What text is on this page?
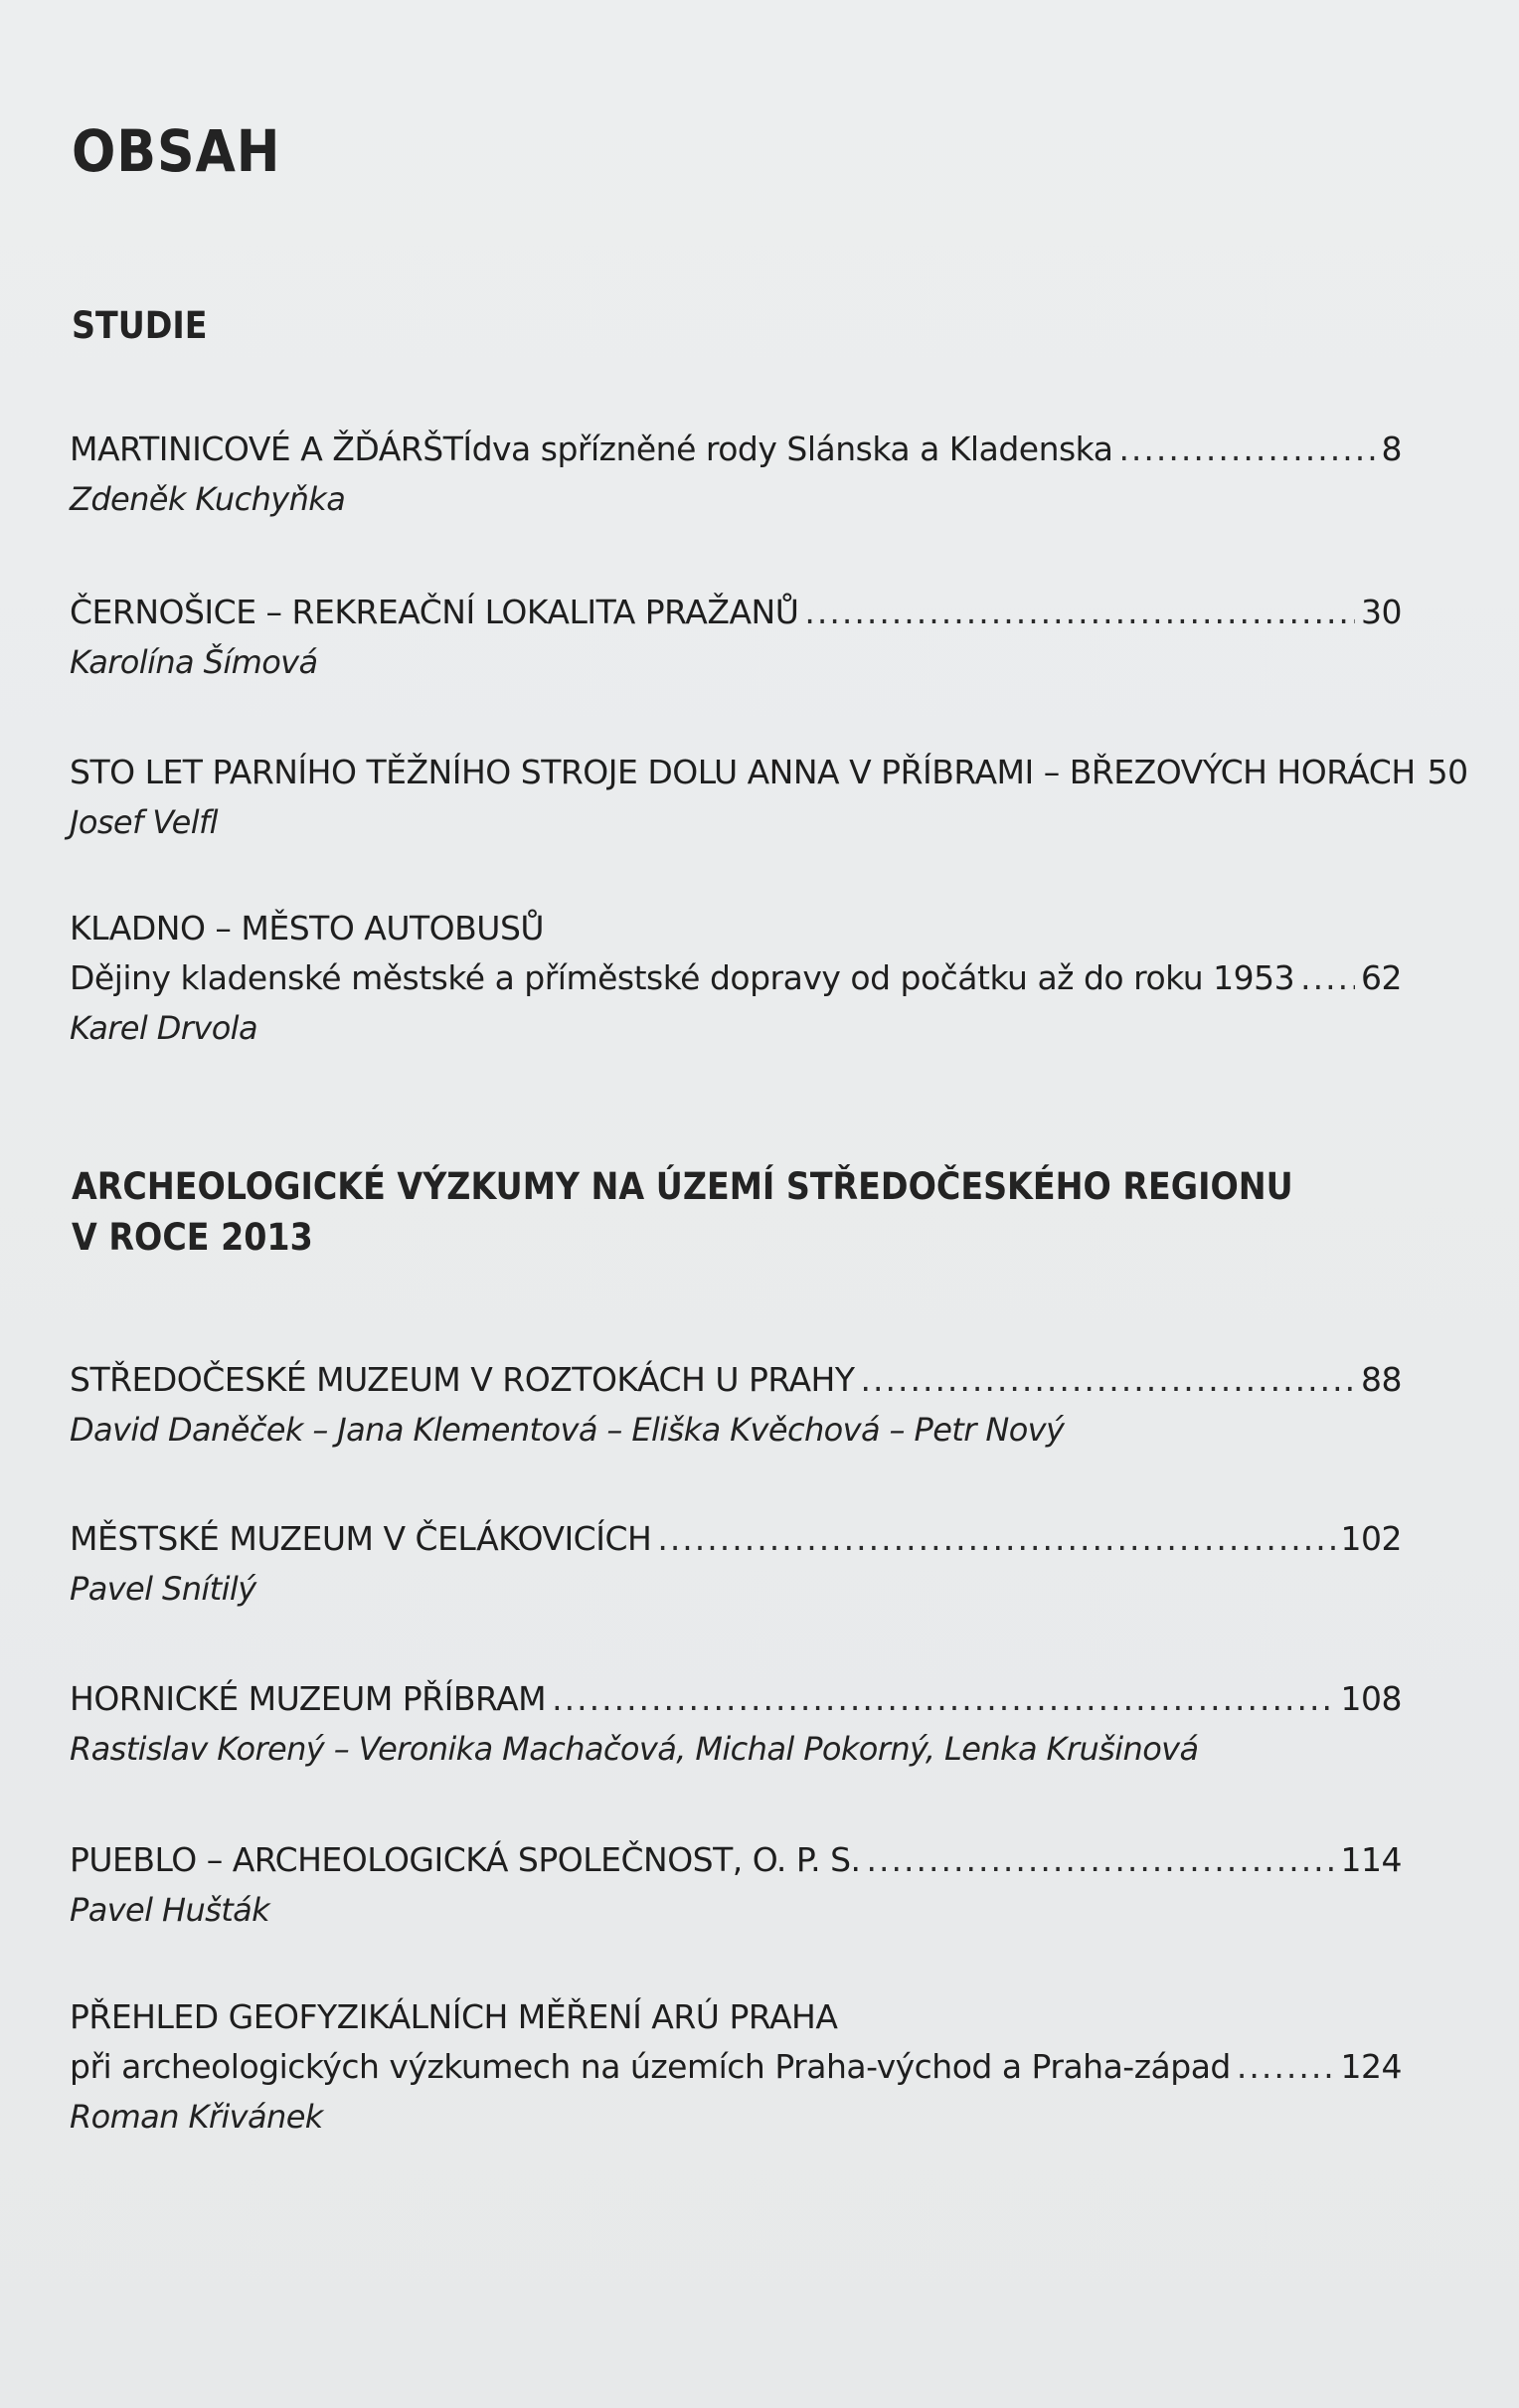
OBSAH
STUDIE
MARTINICOVÉ A ŽĎÁRŠTÍ dva spřízněné rody Slánska a Kladenska .....	8
Zdeněk Kuchyňka
ČERNOŠICE – REKREAČNÍ LOKALITA PRAŽANŮ .....	30
Karolína Šímová
STO LET PARNÍHO TĚŽNÍHO STROJE DOLU ANNA V PŘÍBRAMI – BŘEZOVÝCH HORÁCH 50
Josef Velfl
KLADNO – MĚSTO AUTOBUSŮ
Dějiny kladenské městské a příměstské dopravy od počátku až do roku 1953 ..... 62
Karel Drvola
ARCHEOLOGICKÉ VÝZKUMY NA ÚZEMÍ STŘEDOČESKÉHO REGIONU
V ROCE 2013
STŘEDOČESKÉ MUZEUM V ROZTOKÁCH U PRAHY .....	88
David Daněček – Jana Klementová – Eliška Kvěchová – Petr Nový
MĚSTSKÉ MUZEUM V ČELÁKOVICÍCH .....	102
Pavel Snítilý
HORNICKÉ MUZEUM PŘÍBRAM .....	108
Rastislav Korený – Veronika Machačová, Michal Pokorný, Lenka Krušinová
PUEBLO – ARCHEOLOGICKÁ SPOLEČNOST, O. P. S. .....	114
Pavel Hušták
PŘEHLED GEOFYZIKÁLNÍCH MĚŘENÍ ARÚ PRAHA
při archeologických výzkumech na územích Praha-východ a Praha-západ .....	124
Roman Křivánek
